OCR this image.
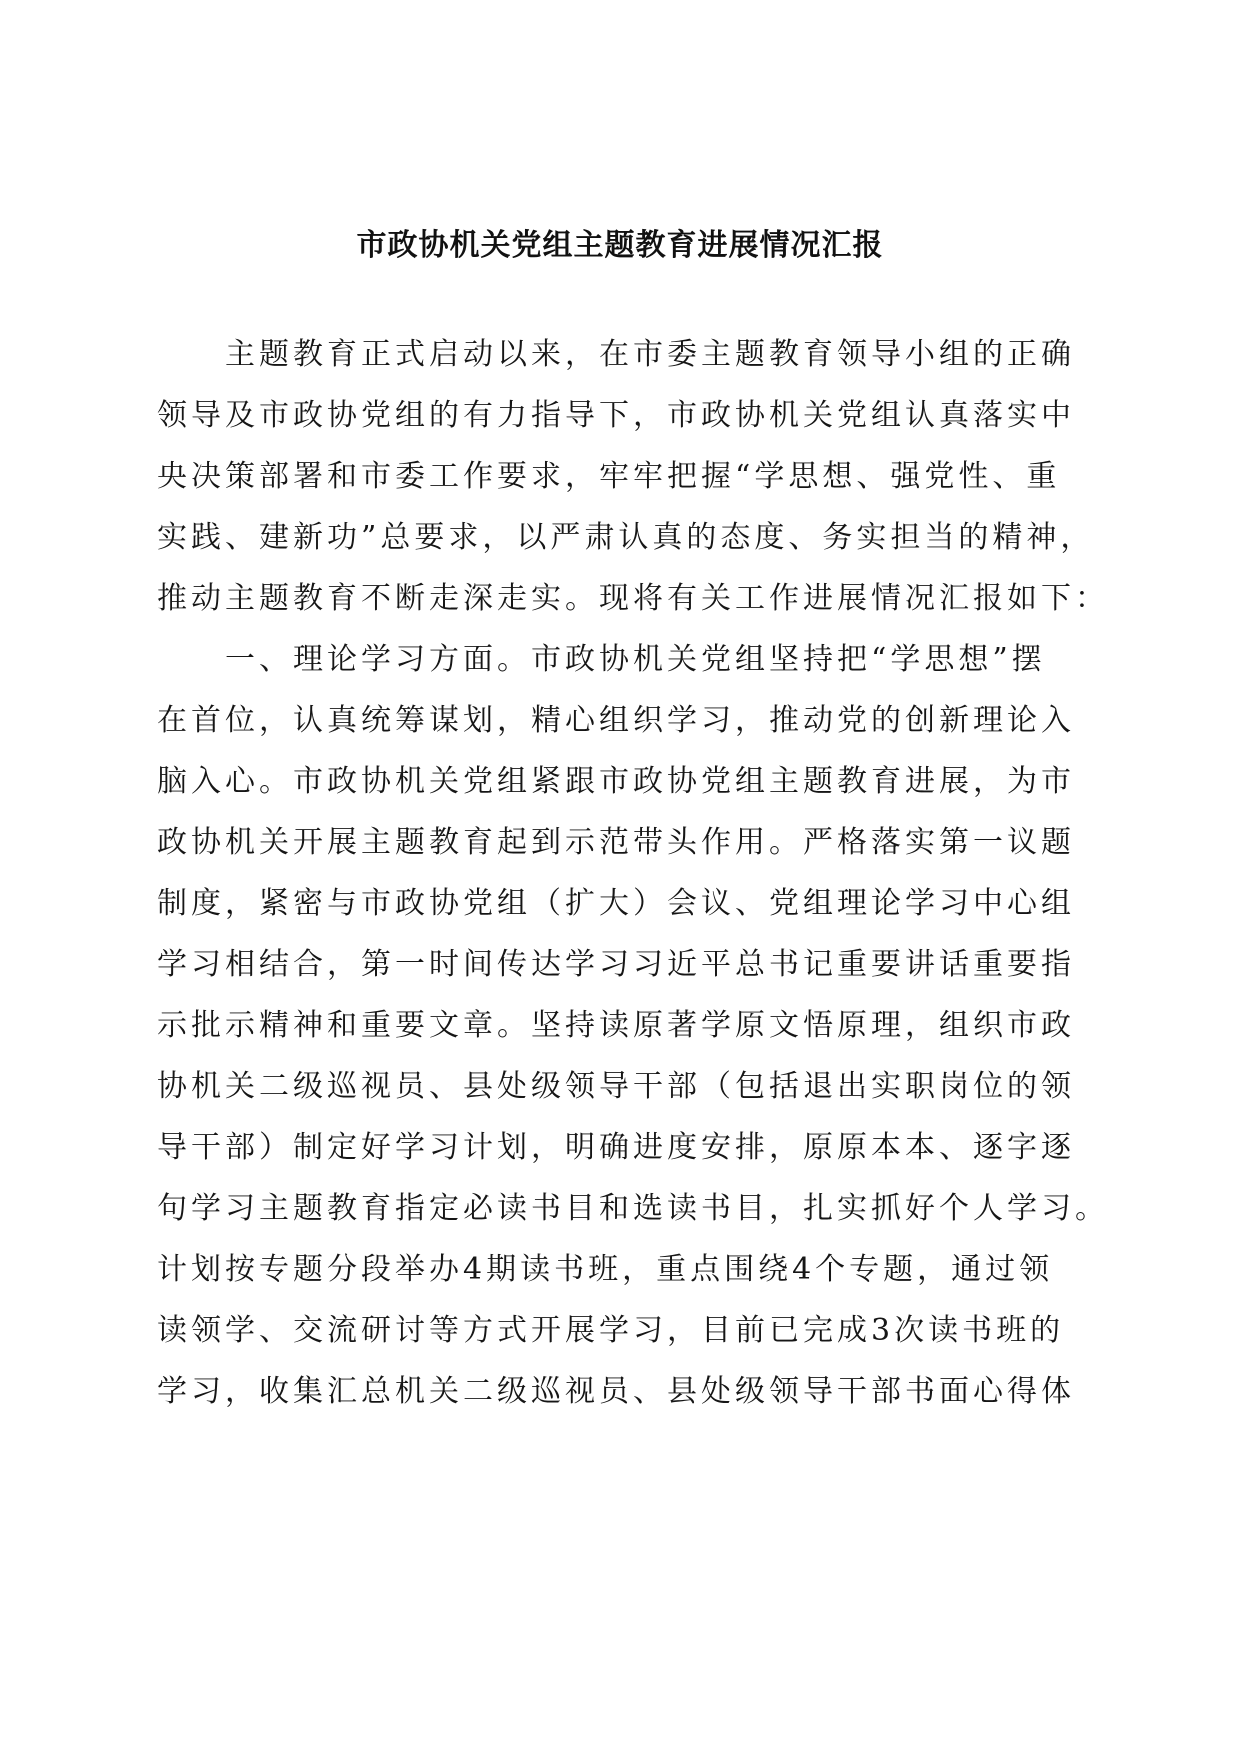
市政协机关党组主题教育进展情况汇报
主题教育正式启动以来，在市委主题教育领导小组的正确
领导及市政协党组的有力指导下，市政协机关党组认真落实中
央决策部署和市委工作要求，牢牢把握“学思想、强党性、重
实践、建新功”总要求，以严肃认真的态度、务实担当的精神，
推动主题教育不断走深走实。现将有关工作进展情况汇报如下：
一、理论学习方面。市政协机关党组坚持把“学思想”摆
在首位，认真统筹谋划，精心组织学习，推动党的创新理论入
脑入心。市政协机关党组紧跟市政协党组主题教育进展，为市
政协机关开展主题教育起到示范带头作用。严格落实第一议题
制度，紧密与市政协党组（扩大）会议、党组理论学习中心组
学习相结合，第一时间传达学习习近平总书记重要讲话重要指
示批示精神和重要文章。坚持读原著学原文悟原理，组织市政
协机关二级巡视员、县处级领导干部（包括退出实职岗位的领
导干部）制定好学习计划，明确进度安排，原原本本、逐字逐
句学习主题教育指定必读书目和选读书目，扎实抓好个人学习。
计划按专题分段举办4期读书班，重点围绕4个专题，通过领
读领学、交流研讨等方式开展学习，目前已完成3次读书班的
学习，收集汇总机关二级巡视员、县处级领导干部书面心得体
